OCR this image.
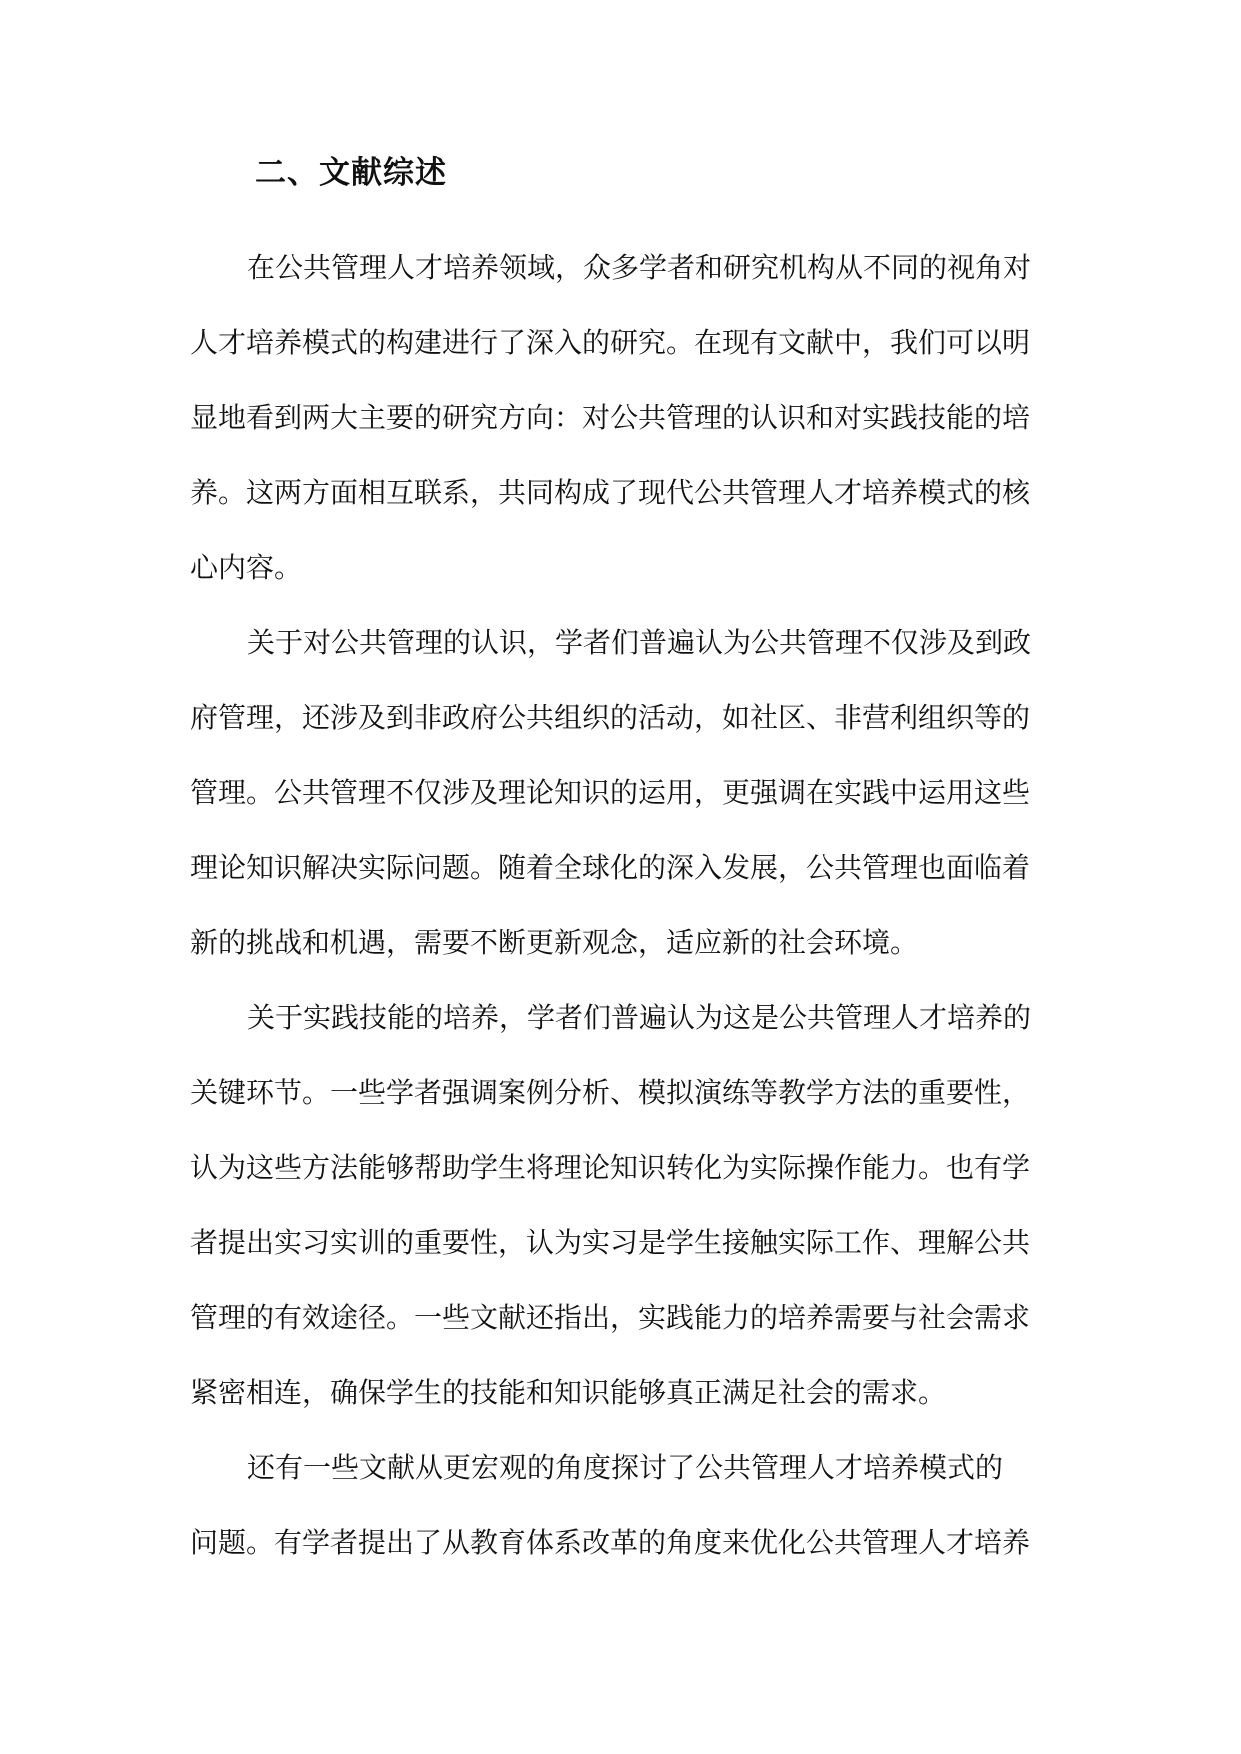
二、文献综述

在公共管理人才培养领域，众多学者和研究机构从不同的视角对
人才培养模式的构建进行了深入的研究。在现有文献中，我们可以明
显地看到两大主要的研究方向：对公共管理的认识和对实践技能的培
养。这两方面相互联系，共同构成了现代公共管理人才培养模式的核
心内容。

关于对公共管理的认识，学者们普遍认为公共管理不仅涉及到政
府管理，还涉及到非政府公共组织的活动，如社区、非营利组织等的
管理。公共管理不仅涉及理论知识的运用，更强调在实践中运用这些
理论知识解决实际问题。随着全球化的深入发展，公共管理也面临着
新的挑战和机遇，需要不断更新观念，适应新的社会环境。

关于实践技能的培养，学者们普遍认为这是公共管理人才培养的
关键环节。一些学者强调案例分析、模拟演练等教学方法的重要性，
认为这些方法能够帮助学生将理论知识转化为实际操作能力。也有学
者提出实习实训的重要性，认为实习是学生接触实际工作、理解公共
管理的有效途径。一些文献还指出，实践能力的培养需要与社会需求
紧密相连，确保学生的技能和知识能够真正满足社会的需求。

还有一些文献从更宏观的角度探讨了公共管理人才培养模式的
问题。有学者提出了从教育体系改革的角度来优化公共管理人才培养
